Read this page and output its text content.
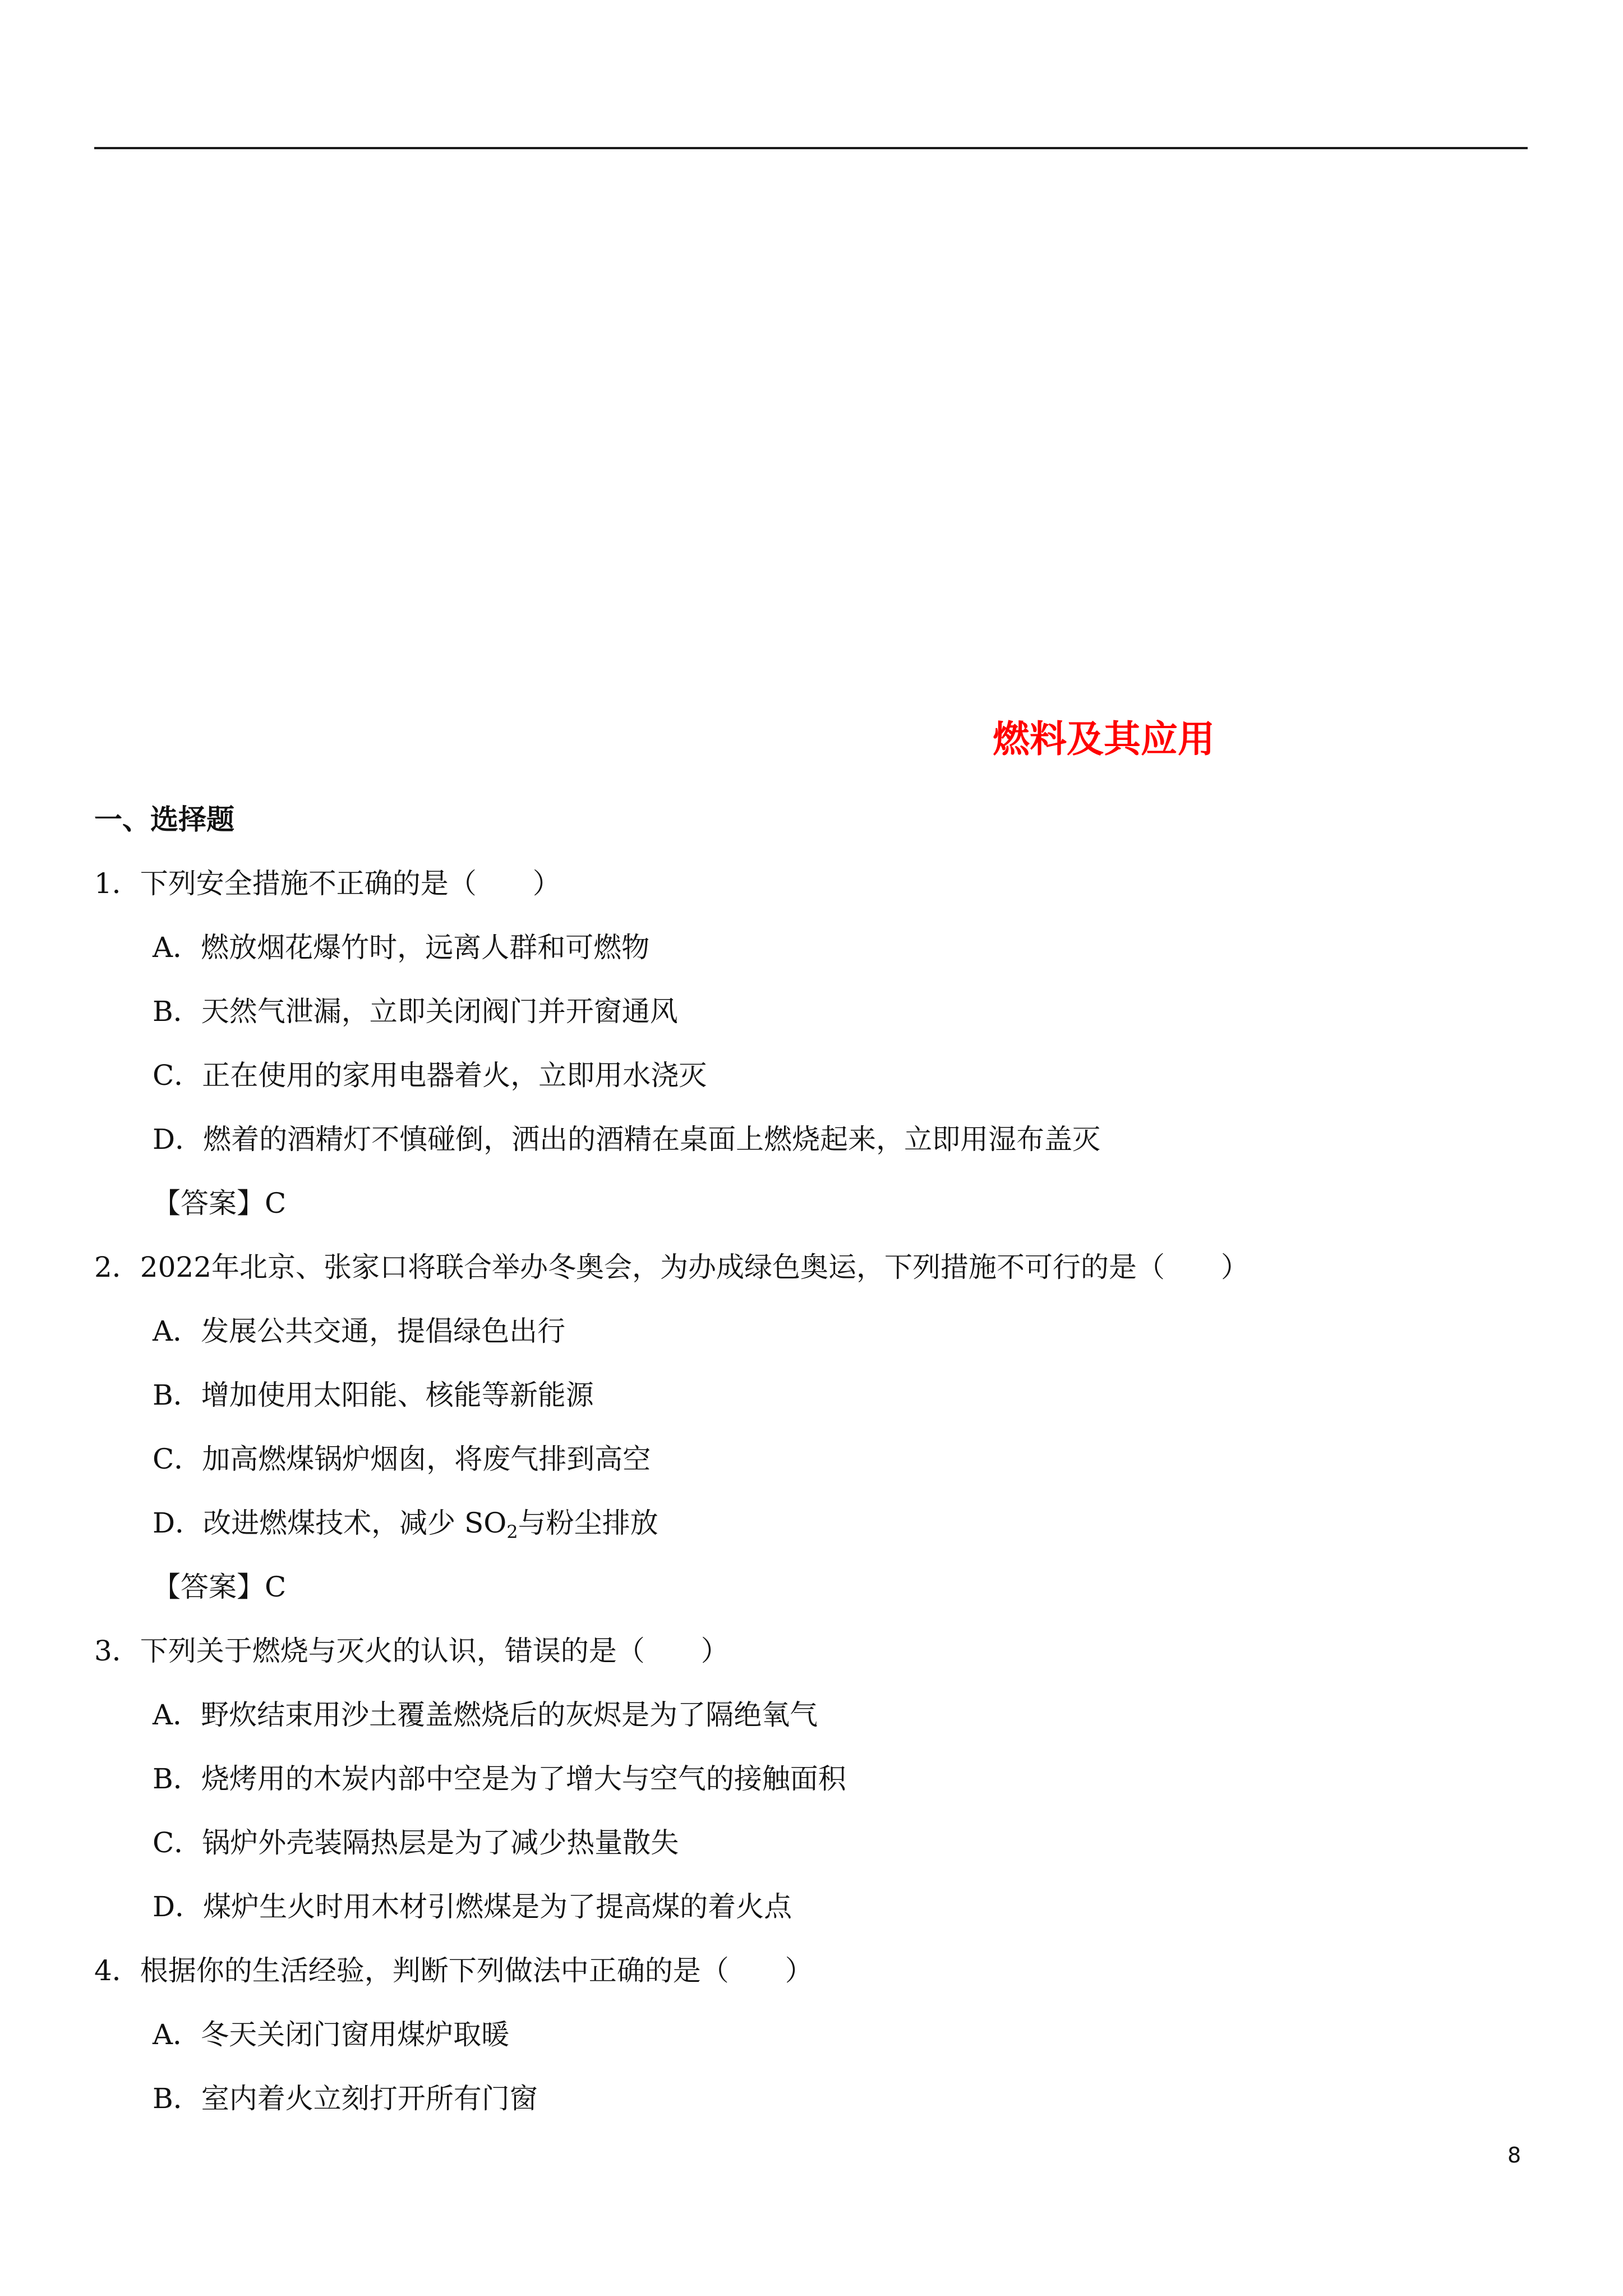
燃料及其应用
一、选择题
1．下列安全措施不正确的是（　　）
A．燃放烟花爆竹时，远离人群和可燃物
B．天然气泄漏，立即关闭阀门并开窗通风
C．正在使用的家用电器着火，立即用水浇灭
D．燃着的酒精灯不慎碰倒，洒出的酒精在桌面上燃烧起来，立即用湿布盖灭
【答案】C
2．2022年北京、张家口将联合举办冬奥会，为办成绿色奥运，下列措施不可行的是（　　）
A．发展公共交通，提倡绿色出行
B．增加使用太阳能、核能等新能源
C．加高燃煤锅炉烟囱，将废气排到高空
D．改进燃煤技术，减少 $SO_2$与粉尘排放
【答案】C
3．下列关于燃烧与灭火的认识，错误的是（　　）
A．野炊结束用沙土覆盖燃烧后的灰烬是为了隔绝氧气
B．烧烤用的木炭内部中空是为了增大与空气的接触面积
C．锅炉外壳装隔热层是为了减少热量散失
D．煤炉生火时用木材引燃煤是为了提高煤的着火点
4．根据你的生活经验，判断下列做法中正确的是（　　）
A．冬天关闭门窗用煤炉取暖
B．室内着火立刻打开所有门窗
8
